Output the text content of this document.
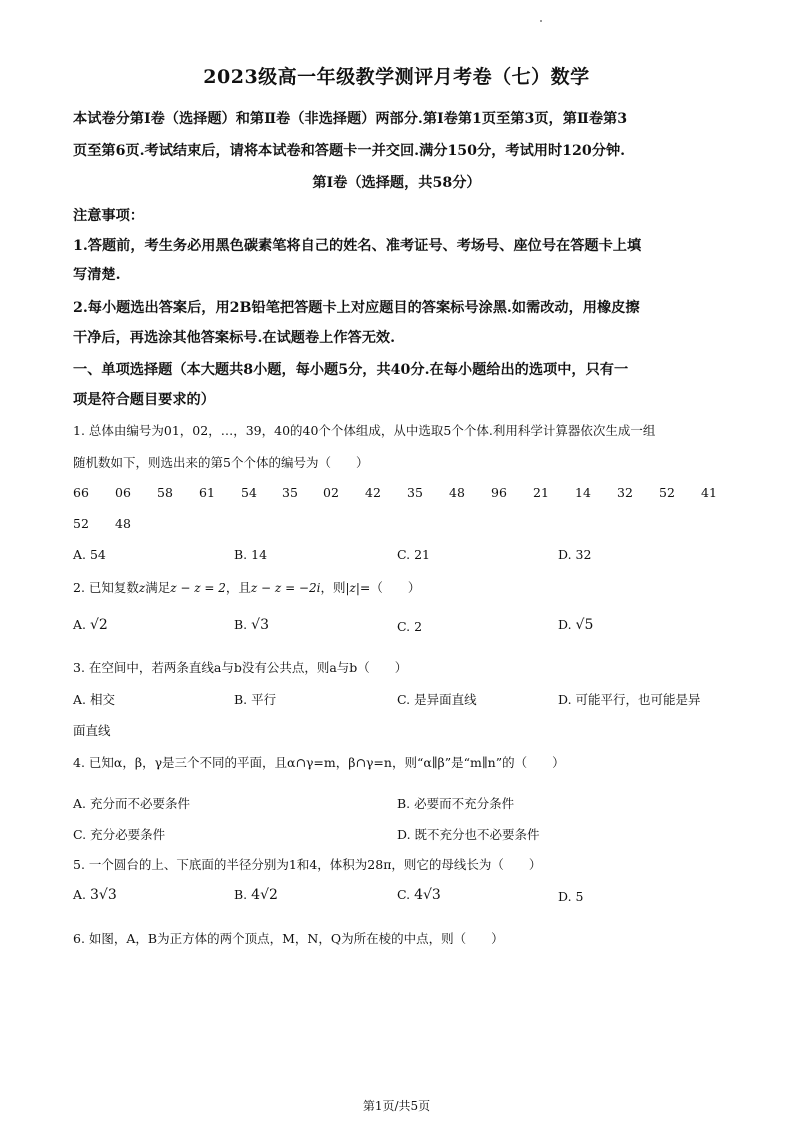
2023级高一年级教学测评月考卷（七）数学
本试卷分第Ⅰ卷（选择题）和第Ⅱ卷（非选择题）两部分.第Ⅰ卷第1页至第3页，第Ⅱ卷第3
页至第6页.考试结束后，请将本试卷和答题卡一并交回.满分150分，考试用时120分钟.
第Ⅰ卷（选择题，共58分）
注意事项：
1.答题前，考生务必用黑色碳素笔将自己的姓名、准考证号、考场号、座位号在答题卡上填
写清楚.
2.每小题选出答案后，用2B铅笔把答题卡上对应题目的答案标号涂黑.如需改动，用橡皮擦
干净后，再选涂其他答案标号.在试题卷上作答无效.
一、单项选择题（本大题共8小题，每小题5分，共40分.在每小题给出的选项中，只有一
项是符合题目要求的）
1. 总体由编号为01，02，…，39，40的40个个体组成，从中选取5个个体.利用科学计算器依次生成一组
随机数如下，则选出来的第5个个体的编号为（　　）
66 06 58 61 54 35 02 42 35 48 96 21 14 32 52 41
52 48
A. 54	B. 14	C. 21	D. 32
2. 已知复数z满足z − z = 2，且z − z = −2i，则|z|=（　　）
A. √2	B. √3	C. 2	D. √5
3. 在空间中，若两条直线a与b没有公共点，则a与b（　　）
A. 相交	B. 平行	C. 是异面直线	D. 可能平行，也可能是异
面直线
4. 已知α，β，γ是三个不同的平面，且α∩γ=m，β∩γ=n，则“α∥β”是“m∥n”的（　　）
A. 充分而不必要条件	B. 必要而不充分条件
C. 充分必要条件	D. 既不充分也不必要条件
5. 一个圆台的上、下底面的半径分别为1和4，体积为28π，则它的母线长为（　　）
A. 3√3	B. 4√2	C. 4√3	D. 5
6. 如图，A，B为正方体的两个顶点，M，N，Q为所在棱的中点，则（　　）
第1页/共5页
